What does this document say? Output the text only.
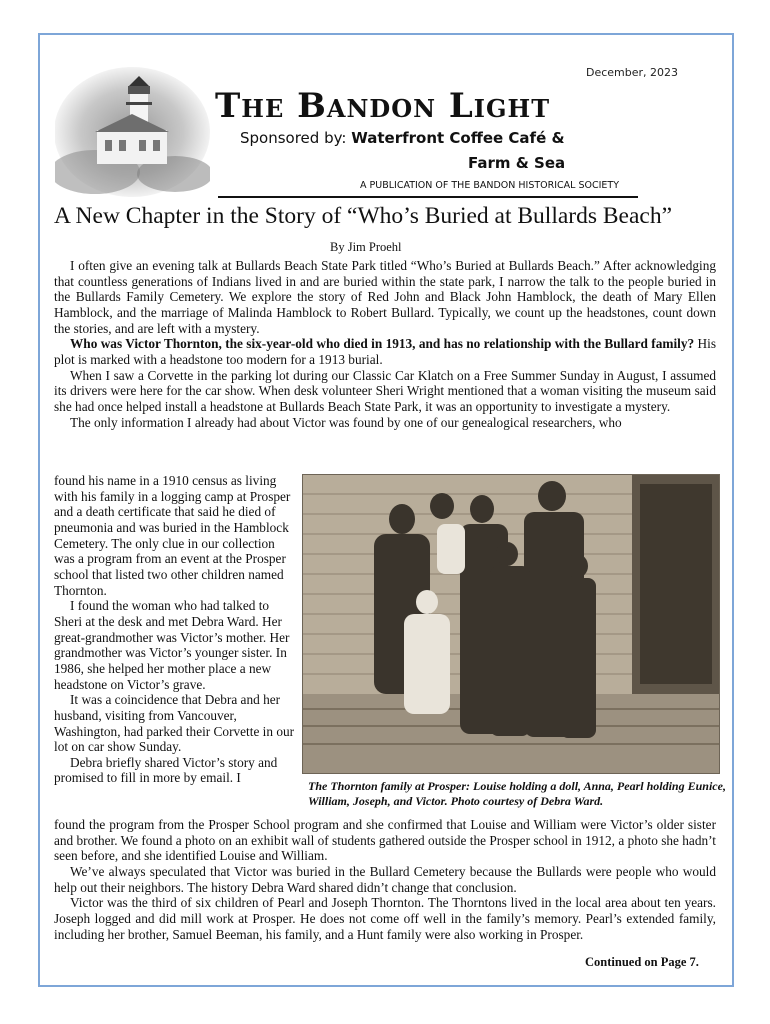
December, 2023
The Bandon Light
Sponsored by: Waterfront Coffee Café &
Farm & Sea
A PUBLICATION OF THE BANDON HISTORICAL SOCIETY
A New Chapter in the Story of “Who’s Buried at Bullards Beach”
By Jim Proehl

I often give an evening talk at Bullards Beach State Park titled “Who’s Buried at Bullards Beach.” After acknowledging that countless generations of Indians lived in and are buried within the state park, I narrow the talk to the people buried in the Bullards Family Cemetery. We explore the story of Red John and Black John Hamblock, the death of Mary Ellen Hamblock, and the marriage of Malinda Hamblock to Robert Bullard. Typically, we count up the headstones, count down the stories, and are left with a mystery.

Who was Victor Thornton, the six-year-old who died in 1913, and has no relationship with the Bullard family? His plot is marked with a headstone too modern for a 1913 burial.

When I saw a Corvette in the parking lot during our Classic Car Klatch on a Free Summer Sunday in August, I assumed its drivers were here for the car show. When desk volunteer Sheri Wright mentioned that a woman visiting the museum said she had once helped install a headstone at Bullards Beach State Park, it was an opportunity to investigate a mystery.

The only information I already had about Victor was found by one of our genealogical researchers, who

found his name in a 1910 census as living with his family in a logging camp at Prosper and a death certificate that said he died of pneumonia and was buried in the Hamblock Cemetery. The only clue in our collection was a program from an event at the Prosper school that listed two other children named Thornton.

I found the woman who had talked to Sheri at the desk and met Debra Ward. Her great-grandmother was Victor’s mother. Her grandmother was Victor’s younger sister. In 1986, she helped her mother place a new headstone on Victor’s grave.

It was a coincidence that Debra and her husband, visiting from Vancouver, Washington, had parked their Corvette in our lot on car show Sunday.

Debra briefly shared Victor’s story and promised to fill in more by email. I

The Thornton family at Prosper: Louise holding a doll, Anna, Pearl holding Eunice, William, Joseph, and Victor. Photo courtesy of Debra Ward.

found the program from the Prosper School program and she confirmed that Louise and William were Victor’s older sister and brother. We found a photo on an exhibit wall of students gathered outside the Prosper school in 1912, a photo she hadn’t seen before, and she identified Louise and William.

We’ve always speculated that Victor was buried in the Bullard Cemetery because the Bullards were people who would help out their neighbors. The history Debra Ward shared didn’t change that conclusion.

Victor was the third of six children of Pearl and Joseph Thornton. The Thorntons lived in the local area about ten years. Joseph logged and did mill work at Prosper. He does not come off well in the family’s memory. Pearl’s extended family, including her brother, Samuel Beeman, his family, and a Hunt family were also working in Prosper.

Continued on Page 7.
